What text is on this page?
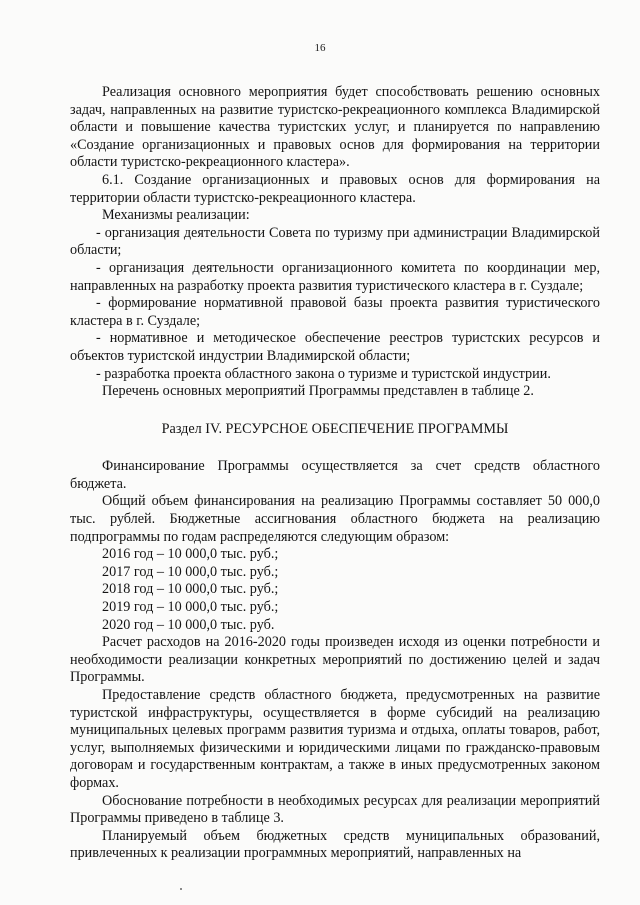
16

Реализация основного мероприятия будет способствовать решению основных задач, направленных на развитие туристско-рекреационного комплекса Владимирской области и повышение качества туристских услуг, и планируется по направлению «Создание организационных и правовых основ для формирования на территории области туристско-рекреационного кластера».

6.1. Создание организационных и правовых основ для формирования на территории области туристско-рекреационного кластера.

Механизмы реализации:

- организация деятельности Совета по туризму при администрации Владимирской области;

- организация деятельности организационного комитета по координации мер, направленных на разработку проекта развития туристического кластера в г. Суздале;

- формирование нормативной правовой базы проекта развития туристического кластера в г. Суздале;

- нормативное и методическое обеспечение реестров туристских ресурсов и объектов туристской индустрии Владимирской области;

- разработка проекта областного закона о туризме и туристской индустрии.

Перечень основных мероприятий Программы представлен в таблице 2.

Раздел IV. РЕСУРСНОЕ ОБЕСПЕЧЕНИЕ ПРОГРАММЫ

Финансирование Программы осуществляется за счет средств областного бюджета.

Общий объем финансирования на реализацию Программы составляет 50 000,0 тыс. рублей. Бюджетные ассигнования областного бюджета на реализацию подпрограммы по годам распределяются следующим образом:

2016 год – 10 000,0 тыс. руб.;

2017 год – 10 000,0 тыс. руб.;

2018 год – 10 000,0 тыс. руб.;

2019 год – 10 000,0 тыс. руб.;

2020 год – 10 000,0 тыс. руб.

Расчет расходов на 2016-2020 годы произведен исходя из оценки потребности и необходимости реализации конкретных мероприятий по достижению целей и задач Программы.

Предоставление средств областного бюджета, предусмотренных на развитие туристской инфраструктуры, осуществляется в форме субсидий на реализацию муниципальных целевых программ развития туризма и отдыха, оплаты товаров, работ, услуг, выполняемых физическими и юридическими лицами по гражданско-правовым договорам и государственным контрактам, а также в иных предусмотренных законом формах.

Обоснование потребности в необходимых ресурсах для реализации мероприятий Программы приведено в таблице 3.

Планируемый объем бюджетных средств муниципальных образований, привлеченных к реализации программных мероприятий, направленных на
